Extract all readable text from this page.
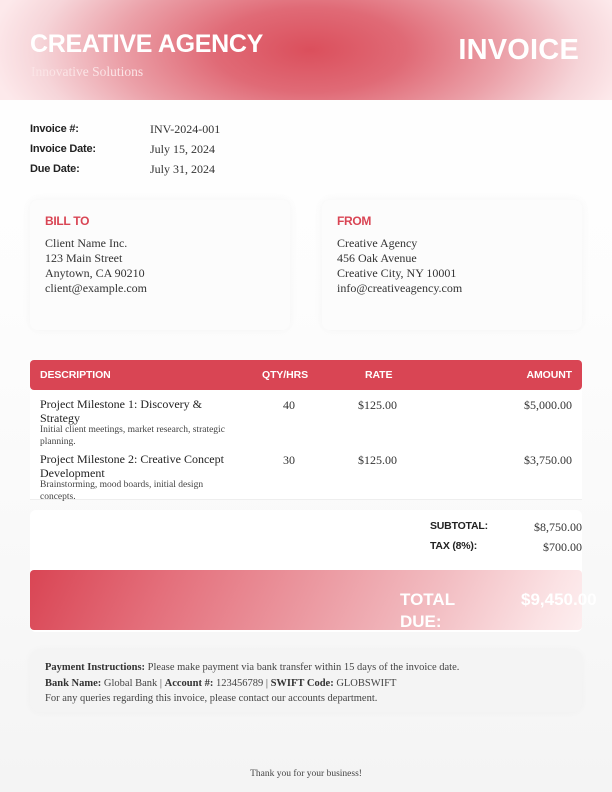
CREATIVE AGENCY
Innovative Solutions
INVOICE
Invoice #:	INV-2024-001
Invoice Date:	July 15, 2024
Due Date:	July 31, 2024
BILL TO
Client Name Inc.
123 Main Street
Anytown, CA 90210
client@example.com
FROM
Creative Agency
456 Oak Avenue
Creative City, NY 10001
info@creativeagency.com
DESCRIPTION	QTY/HRS	RATE	AMOUNT
Project Milestone 1: Discovery & Strategy
Initial client meetings, market research, strategic planning.
40	$125.00	$5,000.00
Project Milestone 2: Creative Concept Development
Brainstorming, mood boards, initial design concepts.
30	$125.00	$3,750.00
SUBTOTAL:	$8,750.00
TAX (8%):	$700.00
TOTAL DUE:
$9,450.00
Payment Instructions: Please make payment via bank transfer within 15 days of the invoice date.
Bank Name: Global Bank | Account #: 123456789 | SWIFT Code: GLOBSWIFT
For any queries regarding this invoice, please contact our accounts department.
Thank you for your business!
